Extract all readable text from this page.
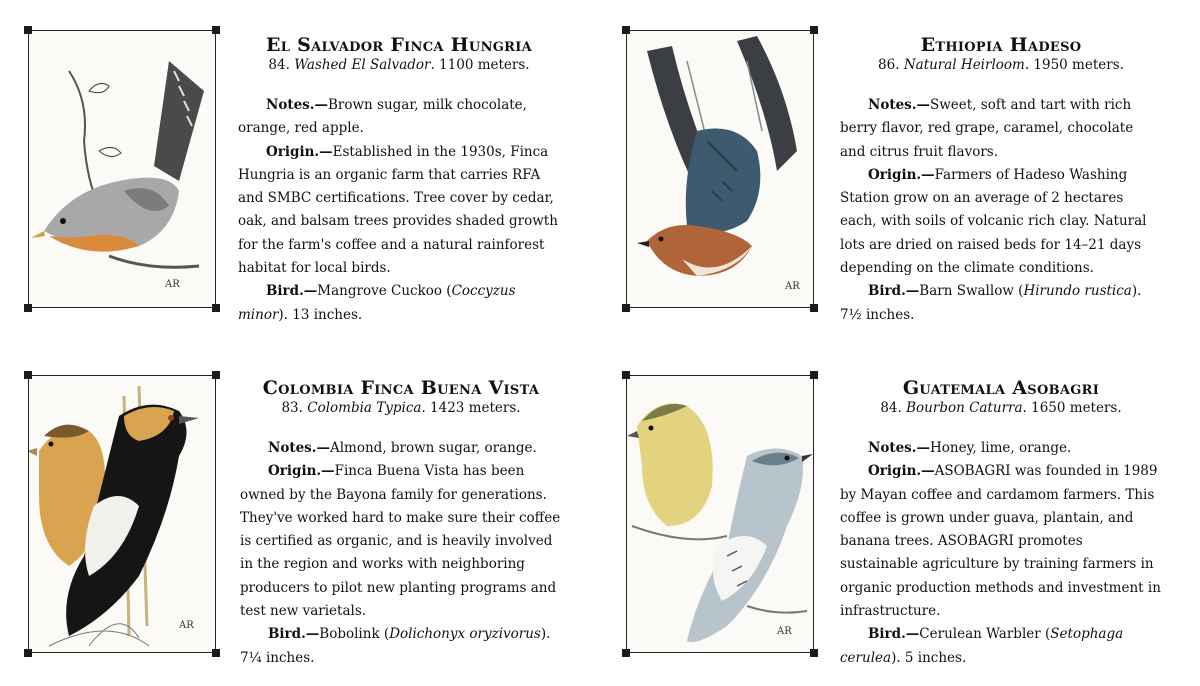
AR

El Salvador Finca Hungria

84. Washed El Salvador. 1100 meters.

Notes.—Brown sugar, milk chocolate, orange, red apple.

Origin.—Established in the 1930s, Finca Hungria is an organic farm that carries RFA and SMBC certifications. Tree cover by cedar, oak, and balsam trees provides shaded growth for the farm's coffee and a natural rainforest habitat for local birds.

Bird.—Mangrove Cuckoo (Coccyzus minor). 13 inches.

AR

Ethiopia Hadeso

86. Natural Heirloom. 1950 meters.

Notes.—Sweet, soft and tart with rich berry flavor, red grape, caramel, chocolate and citrus fruit flavors.

Origin.—Farmers of Hadeso Washing Station grow on an average of 2 hectares each, with soils of volcanic rich clay. Natural lots are dried on raised beds for 14–21 days depending on the climate conditions.

Bird.—Barn Swallow (Hirundo rustica). 7½ inches.

AR

Colombia Finca Buena Vista

83. Colombia Typica. 1423 meters.

Notes.—Almond, brown sugar, orange.

Origin.—Finca Buena Vista has been owned by the Bayona family for generations. They've worked hard to make sure their coffee is certified as organic, and is heavily involved in the region and works with neighboring producers to pilot new planting programs and test new varietals.

Bird.—Bobolink (Dolichonyx oryzivorus). 7¼ inches.

AR

Guatemala Asobagri

84. Bourbon Caturra. 1650 meters.

Notes.—Honey, lime, orange.

Origin.—ASOBAGRI was founded in 1989 by Mayan coffee and cardamom farmers. This coffee is grown under guava, plantain, and banana trees. ASOBAGRI promotes sustainable agriculture by training farmers in organic production methods and investment in infrastructure.

Bird.—Cerulean Warbler (Setophaga cerulea). 5 inches.
